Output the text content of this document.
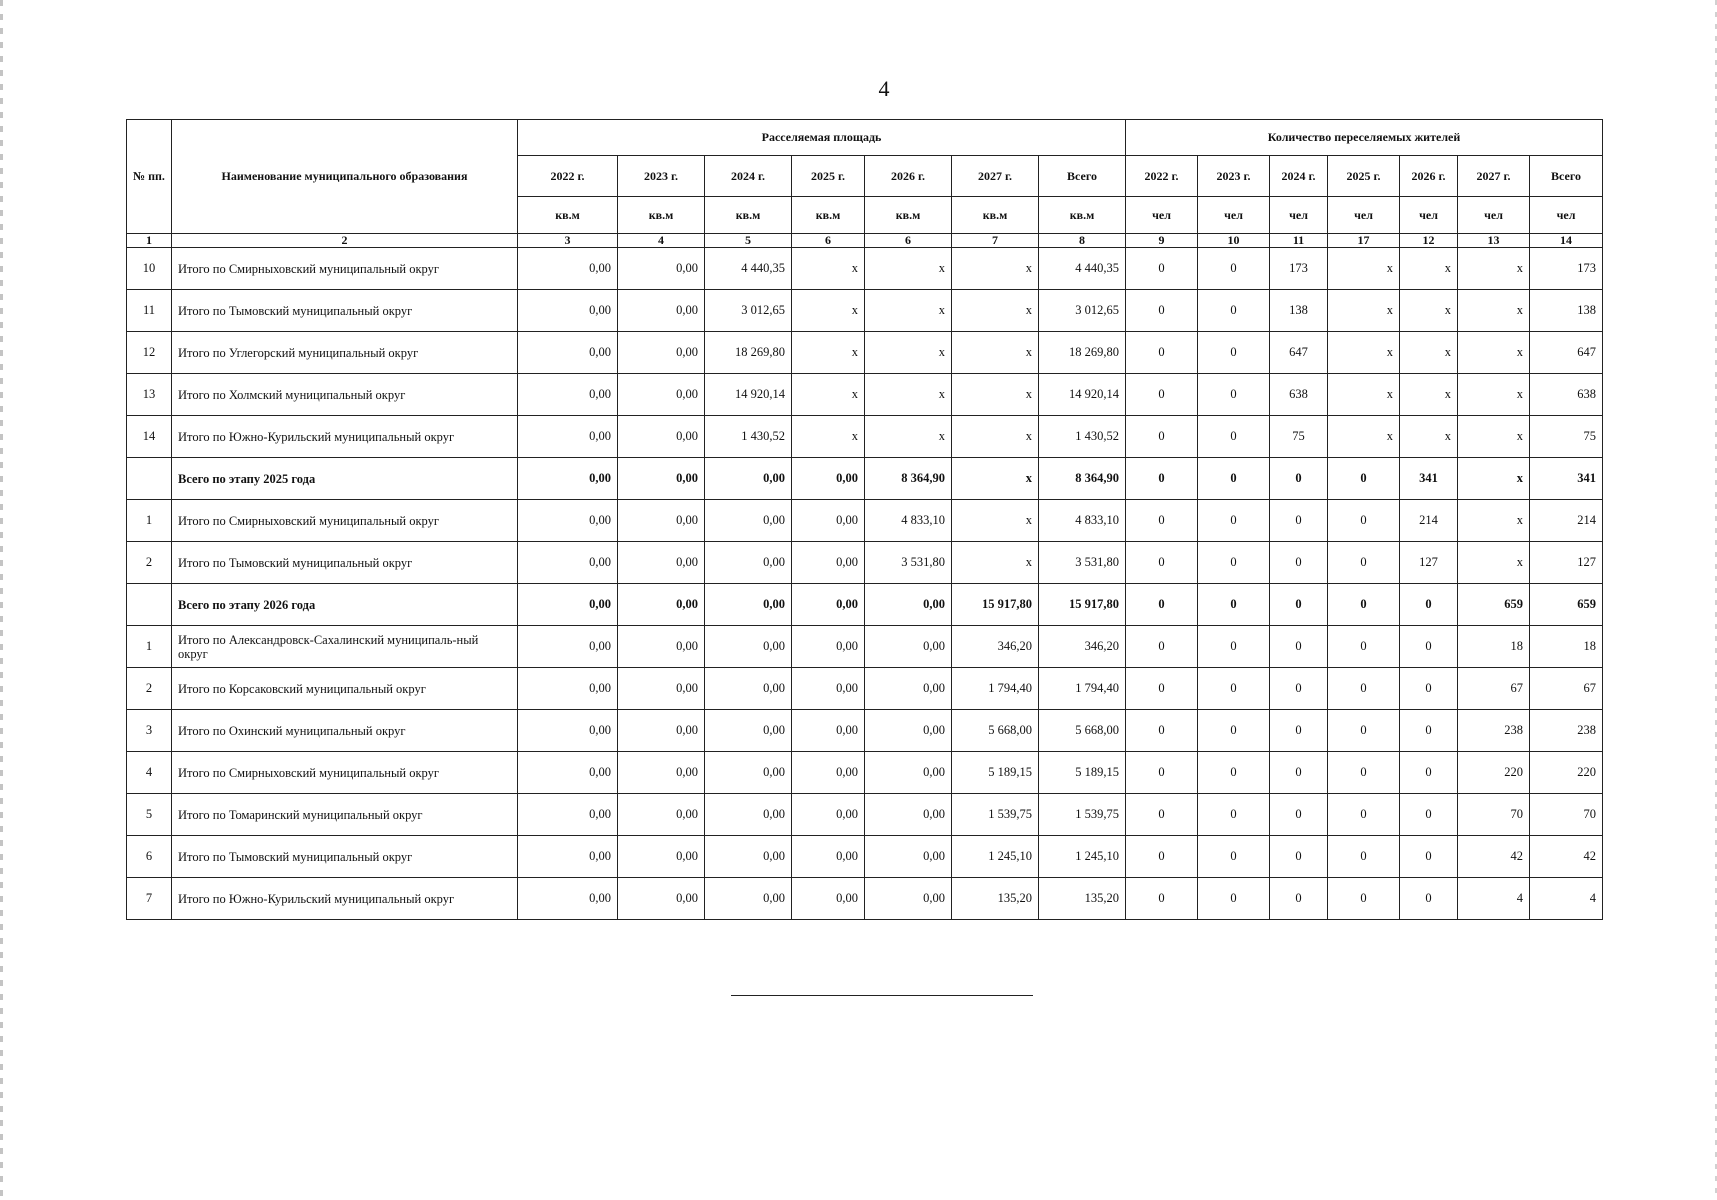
4
№ пп.	Наименование муниципального образования	Расселяемая площадь							Количество переселяемых жителей						
		2022 г.	2023 г.	2024 г.	2025 г.	2026 г.	2027 г.	Всего	2022 г.	2023 г.	2024 г.	2025 г.	2026 г.	2027 г.	Всего
		кв.м	кв.м	кв.м	кв.м	кв.м	кв.м	кв.м	чел	чел	чел	чел	чел	чел	чел
1	2	3	4	5	6	6	7	8	9	10	11	17	12	13	14
10	Итого по Смирныховский муниципальный округ	0,00	0,00	4 440,35	x	x	x	4 440,35	0	0	173	x	x	x	173
11	Итого по Тымовский муниципальный округ	0,00	0,00	3 012,65	x	x	x	3 012,65	0	0	138	x	x	x	138
12	Итого по Углегорский муниципальный округ	0,00	0,00	18 269,80	x	x	x	18 269,80	0	0	647	x	x	x	647
13	Итого по Холмский муниципальный округ	0,00	0,00	14 920,14	x	x	x	14 920,14	0	0	638	x	x	x	638
14	Итого по Южно-Курильский муниципальный округ	0,00	0,00	1 430,52	x	x	x	1 430,52	0	0	75	x	x	x	75
	Всего по этапу 2025 года	0,00	0,00	0,00	0,00	8 364,90	x	8 364,90	0	0	0	0	341	x	341
1	Итого по Смирныховский муниципальный округ	0,00	0,00	0,00	0,00	4 833,10	x	4 833,10	0	0	0	0	214	x	214
2	Итого по Тымовский муниципальный округ	0,00	0,00	0,00	0,00	3 531,80	x	3 531,80	0	0	0	0	127	x	127
	Всего по этапу 2026 года	0,00	0,00	0,00	0,00	0,00	15 917,80	15 917,80	0	0	0	0	0	659	659
1	Итого по Александровск-Сахалинский муниципаль-ный округ	0,00	0,00	0,00	0,00	0,00	346,20	346,20	0	0	0	0	0	18	18
2	Итого по Корсаковский муниципальный округ	0,00	0,00	0,00	0,00	0,00	1 794,40	1 794,40	0	0	0	0	0	67	67
3	Итого по Охинский муниципальный округ	0,00	0,00	0,00	0,00	0,00	5 668,00	5 668,00	0	0	0	0	0	238	238
4	Итого по Смирныховский муниципальный округ	0,00	0,00	0,00	0,00	0,00	5 189,15	5 189,15	0	0	0	0	0	220	220
5	Итого по Томаринский муниципальный округ	0,00	0,00	0,00	0,00	0,00	1 539,75	1 539,75	0	0	0	0	0	70	70
6	Итого по Тымовский муниципальный округ	0,00	0,00	0,00	0,00	0,00	1 245,10	1 245,10	0	0	0	0	0	42	42
7	Итого по Южно-Курильский муниципальный округ	0,00	0,00	0,00	0,00	0,00	135,20	135,20	0	0	0	0	0	4	4
